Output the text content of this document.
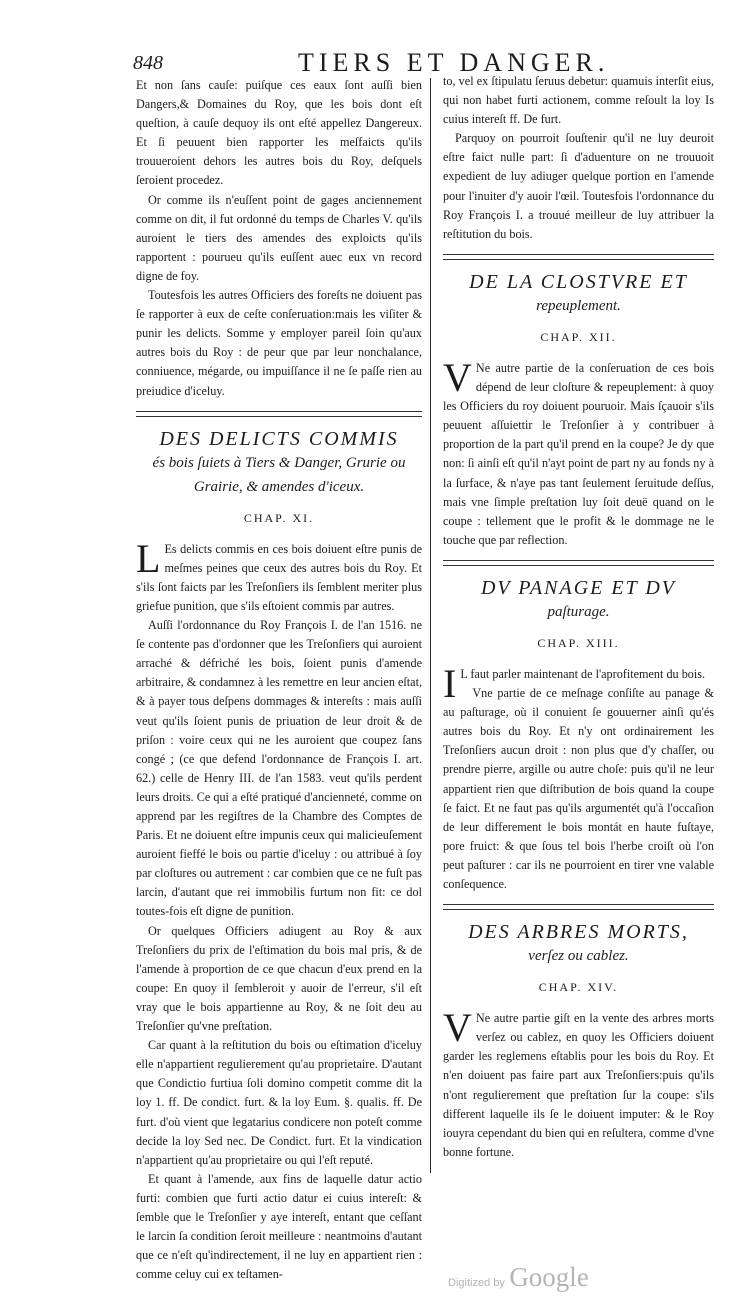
848	TIERS ET DANGER.

Et non ſans cauſe: puiſque ces eaux ſont auſſi bien Dangers,& Domaines du Roy, que les bois dont eſt queſtion, à cauſe dequoy ils ont eſté appellez Dangereux. Et ſi peuuent bien rapporter les meſfaicts qu'ils trouueroient dehors les autres bois du Roy, deſquels ſeroient procedez.

Or comme ils n'euſſent point de gages anciennement comme on dit, il fut ordonné du temps de Charles V. qu'ils auroient le tiers des amendes des exploicts qu'ils rapportent : pourueu qu'ils euſſent auec eux vn record digne de foy.

Toutesfois les autres Officiers des foreſts ne doiuent pas ſe rapporter à eux de ceſte conſeruation:mais les viſiter & punir les delicts. Somme y employer pareil ſoin qu'aux autres bois du Roy : de peur que par leur nonchalance, conniuence, mégarde, ou impuiſſance il ne ſe paſſe rien au preiudice d'iceluy.

DES DELICTS COMMIS
és bois ſuiets à Tiers & Danger, Grurie ou Grairie, & amendes d'iceux.
CHAP. XI.

L Es delicts commis en ces bois doiuent eſtre punis de meſmes peines que ceux des autres bois du Roy. Et s'ils ſont faicts par les Treſonſiers ils ſemblent meriter plus griefue punition, que s'ils eſtoient commis par autres.

Auſſi l'ordonnance du Roy François I. de l'an 1516. ne ſe contente pas d'ordonner que les Treſonſiers qui auroient arraché & défriché les bois, ſoient punis d'amende arbitraire, & condamnez à les remettre en leur ancien eſtat, & à payer tous deſpens dommages & intereſts : mais auſſi veut qu'ils ſoient punis de priuation de leur droit & de priſon : voire ceux qui ne les auroient que coupez ſans congé ; (ce que defend l'ordonnance de François I. art. 62.) celle de Henry III. de l'an 1583. veut qu'ils perdent leurs droits. Ce qui a eſté pratiqué d'ancienneté, comme on apprend par les regiſtres de la Chambre des Comptes de Paris. Et ne doiuent eſtre impunis ceux qui malicieuſement auroient fieffé le bois ou partie d'iceluy : ou attribué à ſoy par cloſtures ou autrement : car combien que ce ne fuſt pas larcin, d'autant que rei immobilis furtum non fit: ce dol toutes-fois eſt digne de punition.

Or quelques Officiers adiugent au Roy & aux Treſonſiers du prix de l'eſtimation du bois mal pris, & de l'amende à proportion de ce que chacun d'eux prend en la coupe: En quoy il ſembleroit y auoir de l'erreur, s'il eſt vray que le bois appartienne au Roy, & ne ſoit deu au Treſonſier qu'vne preſtation.

Car quant à la reſtitution du bois ou eſtimation d'iceluy elle n'appartient regulierement qu'au proprietaire. D'autant que Condictio furtiua ſoli domino competit comme dit la loy 1. ff. De condict. furt. & la loy Eum. §. qualis. ff. De furt. d'où vient que legatarius condicere non poteſt comme decide la loy Sed nec. De Condict. furt. Et la vindication n'appartient qu'au proprietaire ou qui l'eſt reputé.

Et quant à l'amende, aux fins de laquelle datur actio furti: combien que furti actio datur ei cuius intereſt: & ſemble que le Treſonſier y aye intereſt, entant que ceſſant le larcin ſa condition ſeroit meilleure : neantmoins d'autant que ce n'eſt qu'indirectement, il ne luy en appartient rien : comme celuy cui ex teſtamen-

to, vel ex ſtipulatu ſeruus debetur: quamuis interſit eius, qui non habet furti actionem, comme reſoult la loy Is cuius intereſt ff. De furt.

Parquoy on pourroit ſouſtenir qu'il ne luy deuroit eſtre faict nulle part: ſi d'aduenture on ne trouuoit expedient de luy adiuger quelque portion en l'amende pour l'inuiter d'y auoir l'œil. Toutesfois l'ordonnance du Roy François I. a trouué meilleur de luy attribuer la reſtitution du bois.

DE LA CLOSTVRE ET
repeuplement.
CHAP. XII.

V Ne autre partie de la conſeruation de ces bois dépend de leur cloſture & repeuplement: à quoy les Officiers du roy doiuent pouruoir. Mais ſçauoir s'ils peuuent aſſuiettir le Treſonſier à y contribuer à proportion de la part qu'il prend en la coupe? Je dy que non: ſi ainſi eſt qu'il n'ayt point de part ny au fonds ny à la ſurface, & n'aye pas tant ſeulement ſeruitude deſſus, mais vne ſimple preſtation luy ſoit deuë quand on le coupe : tellement que le profit & le dommage ne le touche que par reflection.

DV PANAGE ET DV
paſturage.
CHAP. XIII.

I L faut parler maintenant de l'aprofitement du bois.

Vne partie de ce meſnage conſiſte au panage & au paſturage, où il conuient ſe gouuerner ainſi qu'és autres bois du Roy. Et n'y ont ordinairement les Treſonſiers aucun droit : non plus que d'y chaſſer, ou prendre pierre, argille ou autre choſe: puis qu'il ne leur appartient rien que diſtribution de bois quand la coupe ſe faict. Et ne faut pas qu'ils argumentét qu'à l'occaſion de leur differement le bois montát en haute fuſtaye, pore fruict: & que ſous tel bois l'herbe croiſt où l'on peut paſturer : car ils ne pourroient en tirer vne valable conſequence.

DES ARBRES MORTS,
verſez ou cablez.
CHAP. XIV.

V Ne autre partie giſt en la vente des arbres morts verſez ou cablez, en quoy les Officiers doiuent garder les reglemens eſtablis pour les bois du Roy. Et n'en doiuent pas faire part aux Treſonſiers:puis qu'ils n'ont regulierement que preſtation ſur la coupe: s'ils different laquelle ils ſe le doiuent imputer: & le Roy iouyra cependant du bien qui en reſultera, comme d'vne bonne fortune.

Digitized by Google
